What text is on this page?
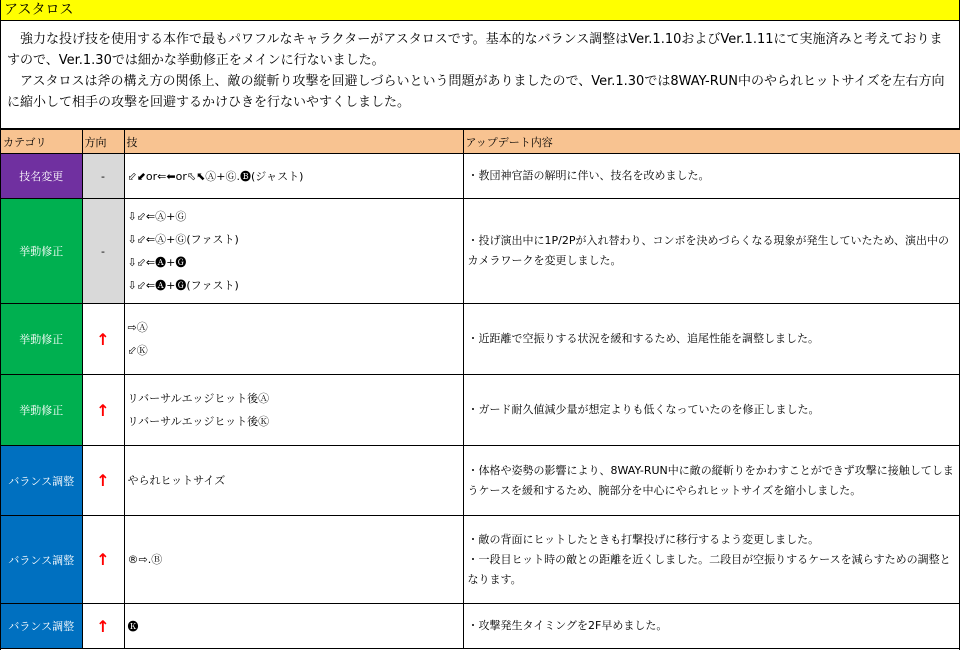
アスタロス

強力な投げ技を使用する本作で最もパワフルなキャラクターがアスタロスです。基本的なバランス調整はVer.1.10およびVer.1.11にて実施済みと考えておりますので、Ver.1.30では細かな挙動修正をメインに行ないました。

アスタロスは斧の構え方の関係上、敵の縦斬り攻撃を回避しづらいという問題がありましたので、Ver.1.30では8WAY-RUN中のやられヒットサイズを左右方向に縮小して相手の攻撃を回避するかけひきを行ないやすくしました。

カテゴリ	方向	技	アップデート内容
技名変更	-	⬃⬋or⇐⬅or⬁⬉Ⓐ+Ⓖ.🅑(ジャスト)	・教団神官語の解明に伴い、技名を改めました。

挙動修正	-	⇩⬃⇐Ⓐ+Ⓖ
⇩⬃⇐Ⓐ+Ⓖ(ファスト)
⇩⬃⇐🅐+🅖
⇩⬃⇐🅐+🅖(ファスト)	・投げ演出中に1P/2Pが入れ替わり、コンボを決めづらくなる現象が発生していたため、演出中のカメラワークを変更しました。

挙動修正	↑	⇨Ⓐ
⬃Ⓚ	・近距離で空振りする状況を緩和するため、追尾性能を調整しました。

挙動修正	↑	リバーサルエッジヒット後Ⓐ
リバーサルエッジヒット後Ⓚ	・ガード耐久値減少量が想定よりも低くなっていたのを修正しました。

バランス調整	↑	やられヒットサイズ	・体格や姿勢の影響により、8WAY-RUN中に敵の縦斬りをかわすことができず攻撃に接触してしまうケースを緩和するため、腕部分を中心にやられヒットサイズを縮小しました。

バランス調整	↑	®⇨.Ⓑ	・敵の背面にヒットしたときも打撃投げに移行するよう変更しました。
・一段目ヒット時の敵との距離を近くしました。二段目が空振りするケースを減らすための調整となります。

バランス調整	↑	🅚	・攻撃発生タイミングを2F早めました。
